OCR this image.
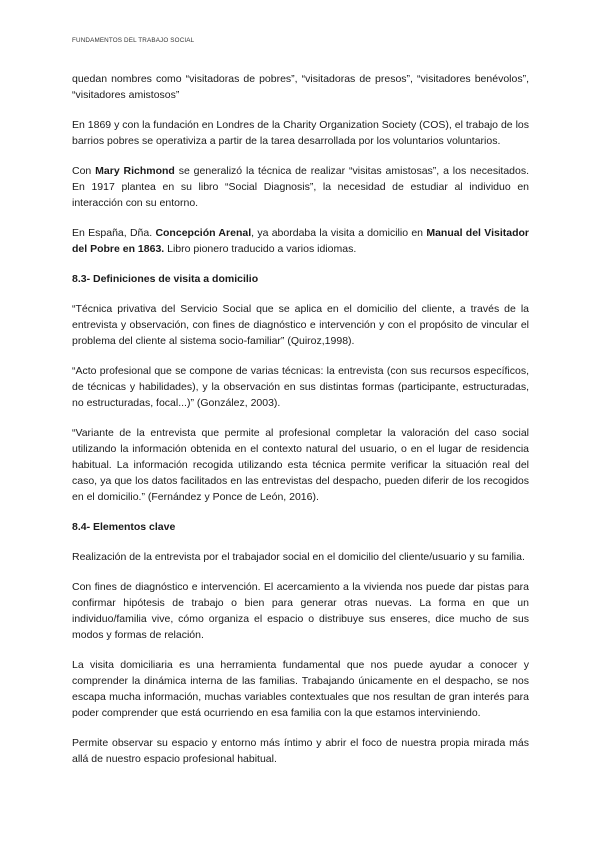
FUNDAMENTOS DEL TRABAJO SOCIAL

quedan nombres como “visitadoras de pobres”, “visitadoras de presos”, “visitadores benévolos”, “visitadores amistosos”

En 1869 y con la fundación en Londres de la Charity Organization Society (COS), el trabajo de los barrios pobres se operativiza a partir de la tarea desarrollada por los voluntarios voluntarios.

Con Mary Richmond se generalizó la técnica de realizar “visitas amistosas”, a los necesitados. En 1917 plantea en su libro “Social Diagnosis”, la necesidad de estudiar al individuo en interacción con su entorno.

En España, Dña. Concepción Arenal, ya abordaba la visita a domicilio en Manual del Visitador del Pobre en 1863. Libro pionero traducido a varios idiomas.

8.3- Definiciones de visita a domicilio

“Técnica privativa del Servicio Social que se aplica en el domicilio del cliente, a través de la entrevista y observación, con fines de diagnóstico e intervención y con el propósito de vincular el problema del cliente al sistema socio-familiar” (Quiroz,1998).

“Acto profesional que se compone de varias técnicas: la entrevista (con sus recursos específicos, de técnicas y habilidades), y la observación en sus distintas formas (participante, estructuradas, no estructuradas, focal...)” (González, 2003).

“Variante de la entrevista que permite al profesional completar la valoración del caso social utilizando la información obtenida en el contexto natural del usuario, o en el lugar de residencia habitual. La información recogida utilizando esta técnica permite verificar la situación real del caso, ya que los datos facilitados en las entrevistas del despacho, pueden diferir de los recogidos en el domicilio.” (Fernández y Ponce de León, 2016).

8.4- Elementos clave

Realización de la entrevista por el trabajador social en el domicilio del cliente/usuario y su familia.

Con fines de diagnóstico e intervención. El acercamiento a la vivienda nos puede dar pistas para confirmar hipótesis de trabajo o bien para generar otras nuevas. La forma en que un individuo/familia vive, cómo organiza el espacio o distribuye sus enseres, dice mucho de sus modos y formas de relación.

La visita domiciliaria es una herramienta fundamental que nos puede ayudar a conocer y comprender la dinámica interna de las familias. Trabajando únicamente en el despacho, se nos escapa mucha información, muchas variables contextuales que nos resultan de gran interés para poder comprender que está ocurriendo en esa familia con la que estamos interviniendo.

Permite observar su espacio y entorno más íntimo y abrir el foco de nuestra propia mirada más allá de nuestro espacio profesional habitual.
